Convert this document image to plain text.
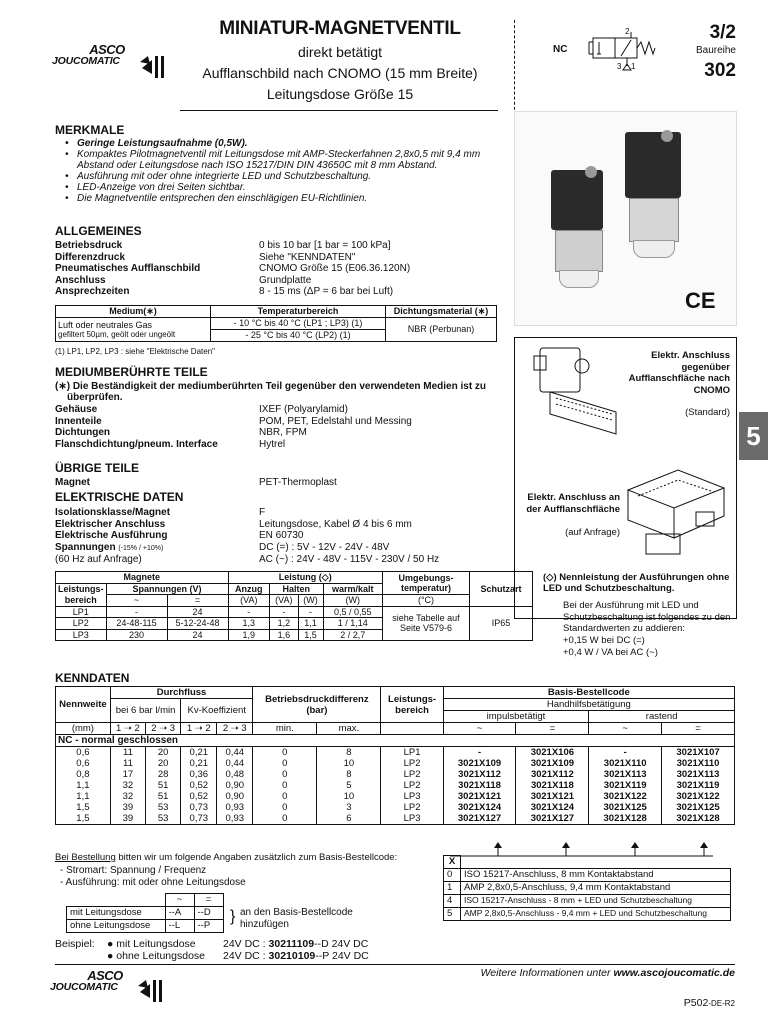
ASCO
JOUCOMATIC
MINIATUR-MAGNETVENTIL
direkt betätigt
Aufflanschbild nach CNOMO (15 mm Breite)
Leitungsdose Größe 15
NC
2
1
3
3/2
Baureihe
302
CE
Elektr. Anschluss gegenüber Aufflanschfläche nach CNOMO
(Standard)
Elektr. Anschluss an der Aufflanschfläche
(auf Anfrage)
5
MERKMALE
• Geringe Leistungsaufnahme (0,5W).
• Kompaktes Pilotmagnetventil mit Leitungsdose mit AMP-Steckerfahnen 2,8x0,5 mit 9,4 mm Abstand oder Leitungsdose nach ISO 15217/DIN DIN 43650C mit 8 mm Abstand.
• Ausführung mit oder ohne integrierte LED und Schutzbeschaltung.
• LED-Anzeige von drei Seiten sichtbar.
• Die Magnetventile entsprechen den einschlägigen EU-Richtlinien.
ALLGEMEINES
Betriebsdruck	0 bis 10 bar [1 bar = 100 kPa]
Differenzdruck	Siehe "KENNDATEN"
Pneumatisches Aufflanschbild	CNOMO Größe 15 (E06.36.120N)
Anschluss	Grundplatte
Ansprechzeiten	8 - 15 ms (ΔP = 6 bar bei Luft)
Medium(∗)	Temperaturbereich	Dichtungsmaterial (∗)

Luft oder neutrales Gas
gefiltert 50µm, geölt oder ungeölt	- 10 °C bis 40 °C (LP1 ; LP3) (1)	NBR (Perbunan)
	- 25 °C bis 40 °C (LP2) (1)	
(1) LP1, LP2, LP3 : siehe "Elektrische Daten"
MEDIUMBERÜHRTE TEILE
(∗) Die Beständigkeit der mediumberührten Teil gegenüber den verwendeten Medien ist zu überprüfen.
Gehäuse	IXEF (Polyarylamid)
Innenteile	POM, PET, Edelstahl und Messing
Dichtungen	NBR, FPM
Flanschdichtung/pneum. Interface	Hytrel
ÜBRIGE TEILE
Magnet	PET-Thermoplast
ELEKTRISCHE DATEN
Isolationsklasse/Magnet	F
Elektrischer Anschluss	Leitungsdose, Kabel Ø 4 bis 6 mm
Elektrische Ausführung	EN 60730
Spannungen (-15% / +10%)	DC (=) : 5V - 12V - 24V - 48V
(60 Hz auf Anfrage)	AC (~) : 24V - 48V - 115V - 230V / 50 Hz
Magnete			Leistung (◇)				Umgebungs-temperatur)	Schutzart
Leistungs-bereich	Spannungen (V)		Anzug	Halten		warm/kalt		
	~	=	(VA)	(VA)	(W)	(W)	(°C)	
LP1	-	24	-	-	-	0,5 / 0,55	siehe Tabelle auf Seite V579-6	IP65
LP2	24-48-115	5-12-24-48	1,3	1,2	1,1	1 / 1,14		
LP3	230	24	1,9	1,6	1,5	2 / 2,7		
(◇) Nennleistung der Ausführungen ohne LED und Schutzbeschaltung.
Bei der Ausführung mit LED und Schutzbeschaltung ist folgendes zu den Standardwerten zu addieren:
+0,15 W bei DC (=)
+0,4 W / VA bei AC (~)
KENNDATEN
Nennweite	Durchfluss				Betriebsdruckdifferenz (bar)		Leistungs-bereich	Basis-Bestellcode			
	bei 6 bar l/min		Kv-Koeffizient					Handhilfsbetätigung			
								impulsbetätigt		rastend	
(mm)	1 ➝ 2	2 ➝ 3	1 ➝ 2	2 ➝ 3	min.	max.		~	=	~	=
NC - normal geschlossen											
0,6	11	20	0,21	0,44	0	8	LP1	-	3021X106	-	3021X107
0,6	11	20	0,21	0,44	0	10	LP2	3021X109	3021X109	3021X110	3021X110
0,8	17	28	0,36	0,48	0	8	LP2	3021X112	3021X112	3021X113	3021X113
1,1	32	51	0,52	0,90	0	5	LP2	3021X118	3021X118	3021X119	3021X119
1,1	32	51	0,52	0,90	0	10	LP3	3021X121	3021X121	3021X122	3021X122
1,5	39	53	0,73	0,93	0	3	LP2	3021X124	3021X124	3021X125	3021X125
1,5	39	53	0,73	0,93	0	6	LP3	3021X127	3021X127	3021X128	3021X128
Bei Bestellung bitten wir um folgende Angaben zusätzlich zum Basis-Bestellcode:
- Stromart: Spannung / Frequenz
- Ausführung: mit oder ohne Leitungsdose
	~	=
mit Leitungsdose	--A	--D
ohne Leitungsdose	--L	--P
} an den Basis-Bestellcode
hinzufügen
Beispiel:	● mit Leitungsdose	24V DC : 30211109--D 24V DC
	● ohne Leitungsdose	24V DC : 30210109--P 24V DC
X	
0	ISO 15217-Anschluss, 8 mm Kontaktabstand
1	AMP 2,8x0,5-Anschluss, 9,4 mm Kontaktabstand
4	ISO 15217-Anschluss - 8 mm + LED und Schutzbeschaltung
5	AMP 2,8x0,5-Anschluss - 9,4 mm + LED und Schutzbeschaltung
Weitere Informationen unter www.ascojoucomatic.de
ASCO
JOUCOMATIC
P502-DE-R2
